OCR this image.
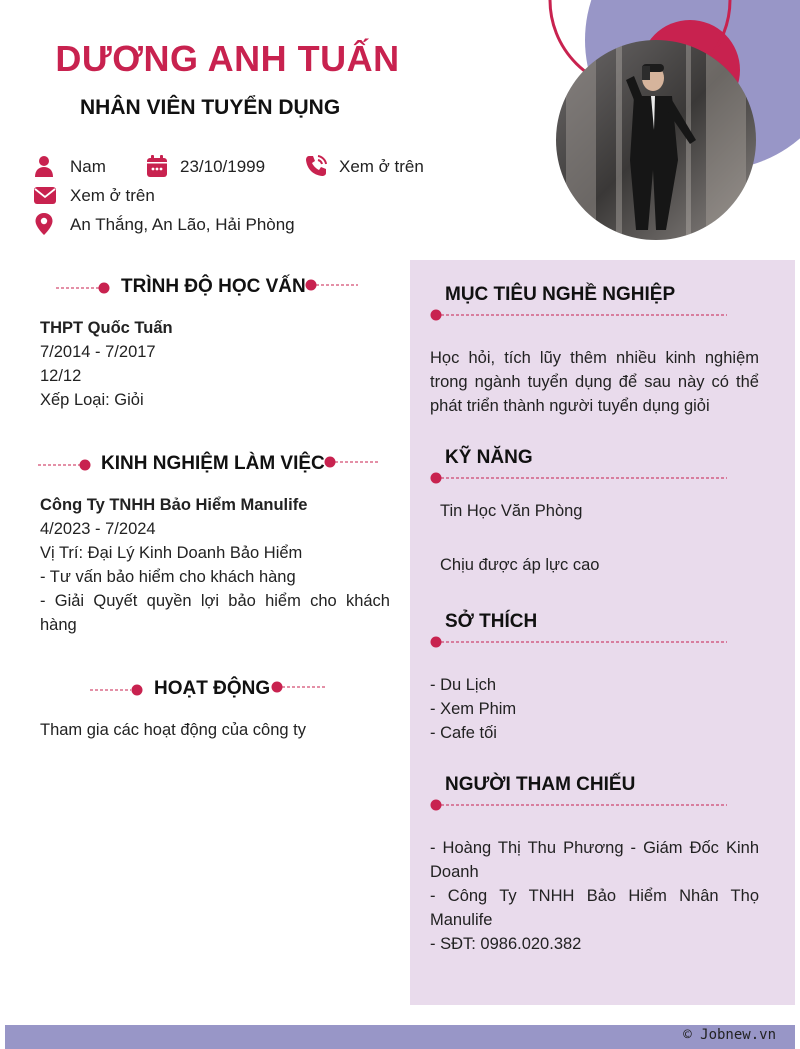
DƯƠNG ANH TUẤN
NHÂN VIÊN TUYỂN DỤNG
Nam	23/10/1999	Xem ở trên
Xem ở trên
An Thắng, An Lão, Hải Phòng
TRÌNH ĐỘ HỌC VẤN
THPT Quốc Tuấn
7/2014 - 7/2017
12/12
Xếp Loại: Giỏi
KINH NGHIỆM LÀM VIỆC
Công Ty TNHH Bảo Hiểm Manulife
4/2023 - 7/2024
Vị Trí: Đại Lý Kinh Doanh Bảo Hiểm
- Tư vấn bảo hiểm cho khách hàng
- Giải Quyết quyền lợi bảo hiểm cho khách hàng
HOẠT ĐỘNG
Tham gia các hoạt động của công ty
MỤC TIÊU NGHỀ NGHIỆP
Học hỏi, tích lũy thêm nhiều kinh nghiệm trong ngành tuyển dụng để sau này có thể phát triển thành người tuyển dụng giỏi
KỸ NĂNG
Tin Học Văn Phòng
Chịu được áp lực cao
SỞ THÍCH
- Du Lịch
- Xem Phim
- Cafe tối
NGƯỜI THAM CHIẾU
- Hoàng Thị Thu Phương - Giám Đốc Kinh Doanh
- Công Ty TNHH Bảo Hiểm Nhân Thọ Manulife
- SĐT: 0986.020.382
© Jobnew.vn
